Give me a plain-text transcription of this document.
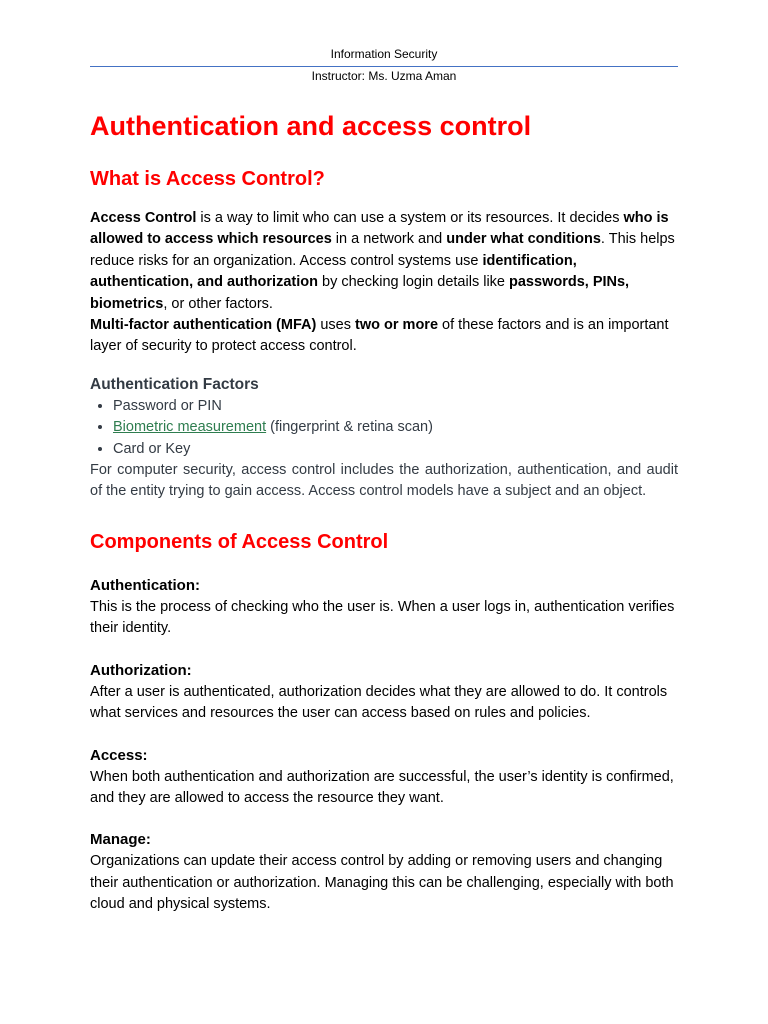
Information Security
Instructor: Ms. Uzma Aman
Authentication and access control
What is Access Control?

Access Control is a way to limit who can use a system or its resources. It decides who is allowed to access which resources in a network and under what conditions. This helps reduce risks for an organization. Access control systems use identification, authentication, and authorization by checking login details like passwords, PINs, biometrics, or other factors.

Multi-factor authentication (MFA) uses two or more of these factors and is an important layer of security to protect access control.

Authentication Factors
• Password or PIN
• Biometric measurement (fingerprint & retina scan)
• Card or Key

For computer security, access control includes the authorization, authentication, and audit of the entity trying to gain access. Access control models have a subject and an object.

Components of Access Control
Authentication:

This is the process of checking who the user is. When a user logs in, authentication verifies their identity.

Authorization:

After a user is authenticated, authorization decides what they are allowed to do. It controls what services and resources the user can access based on rules and policies.

Access:

When both authentication and authorization are successful, the user’s identity is confirmed, and they are allowed to access the resource they want.

Manage:

Organizations can update their access control by adding or removing users and changing their authentication or authorization. Managing this can be challenging, especially with both cloud and physical systems.
